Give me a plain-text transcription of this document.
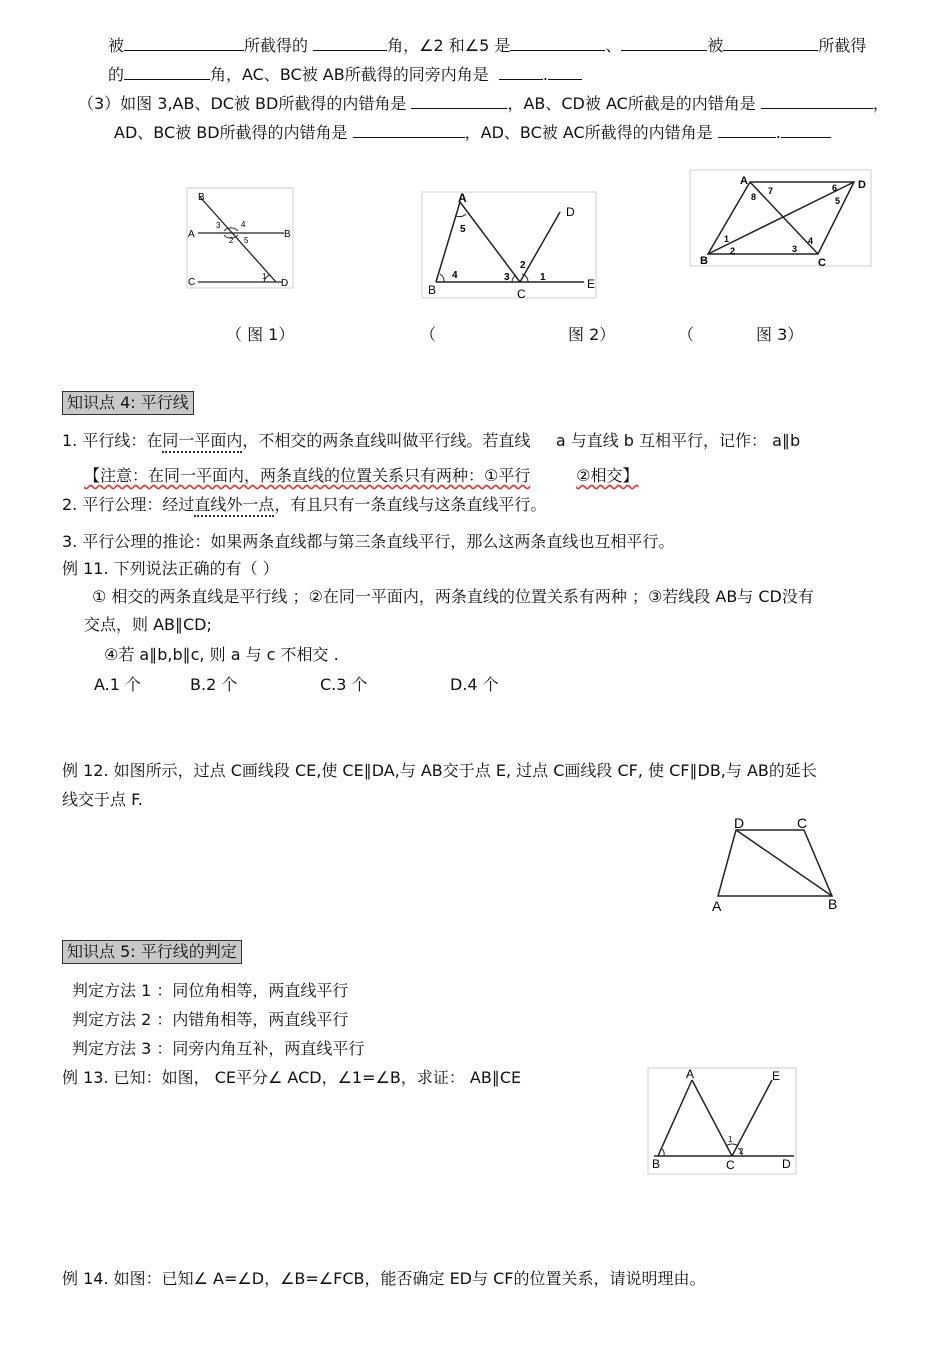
被	所截得的	角，∠2 和∠5 是	、	被	所截得
的	角，AC、BC被 AB所截得的同旁内角是	.
（3）如图 3,AB、DC被 BD所截得的内错角是	，AB、CD被 AC所截是的内错角是	，
AD、BC被 BD所截得的内错角是	，AD、BC被 AC所截得的内错角是	.
B
A	B
C	D
3	4
2 5
1
A
B	C
D
E
5
4	3
2
1
A	D
B	C
7
8
6
5
1
2	3
4
（ 图 1）	（	图 2）	（	图 3）
知识点 4: 平行线
1. 平行线：在同一平面内，不相交的两条直线叫做平行线。若直线 a 与直线 b 互相平行，记作： a∥b
【注意：在同一平面内，两条直线的位置关系只有两种：①平行	②相交】
2. 平行公理：经过直线外一点，有且只有一条直线与这条直线平行。
3. 平行公理的推论：如果两条直线都与第三条直线平行，那么这两条直线也互相平行。
例 11. 下列说法正确的有（ ）
① 相交的两条直线是平行线 ；②在同一平面内，两条直线的位置关系有两种 ；③若线段 AB与 CD没有
交点，则 AB∥CD;
④若 a∥b,b∥c, 则 a 与 c 不相交 .
A.1 个	B.2 个	C.3 个	D.4 个
例 12. 如图所示，过点 C画线段 CE,使 CE∥DA,与 AB交于点 E, 过点 C画线段 CF, 使 CF∥DB,与 AB的延长
线交于点 F.
D	C
A	B
知识点 5: 平行线的判定
判定方法 1 ：同位角相等，两直线平行
判定方法 2 ：内错角相等，两直线平行
判定方法 3 ：同旁内角互补，两直线平行
例 13. 已知：如图， CE平分∠ ACD，∠1=∠B，求证： AB∥CE	A	E
B	C	D
1
2
例 14. 如图：已知∠ A=∠D，∠B=∠FCB，能否确定 ED与 CF的位置关系，请说明理由。
